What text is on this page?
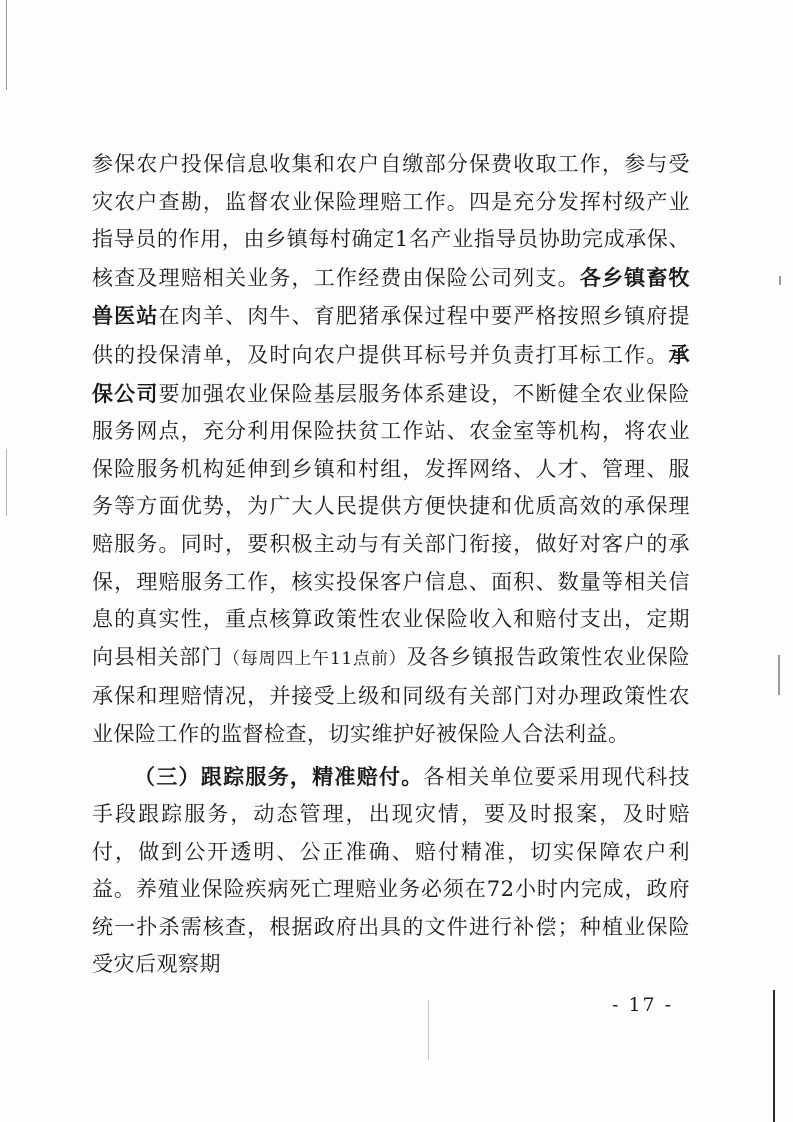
参保农户投保信息收集和农户自缴部分保费收取工作，参与受灾农户查勘，监督农业保险理赔工作。四是充分发挥村级产业指导员的作用，由乡镇每村确定1名产业指导员协助完成承保、核查及理赔相关业务，工作经费由保险公司列支。各乡镇畜牧兽医站在肉羊、肉牛、育肥猪承保过程中要严格按照乡镇府提供的投保清单，及时向农户提供耳标号并负责打耳标工作。承保公司要加强农业保险基层服务体系建设，不断健全农业保险服务网点，充分利用保险扶贫工作站、农金室等机构，将农业保险服务机构延伸到乡镇和村组，发挥网络、人才、管理、服务等方面优势，为广大人民提供方便快捷和优质高效的承保理赔服务。同时，要积极主动与有关部门衔接，做好对客户的承保，理赔服务工作，核实投保客户信息、面积、数量等相关信息的真实性，重点核算政策性农业保险收入和赔付支出，定期向县相关部门（每周四上午11点前）及各乡镇报告政策性农业保险承保和理赔情况，并接受上级和同级有关部门对办理政策性农业保险工作的监督检查，切实维护好被保险人合法利益。

（三）跟踪服务，精准赔付。各相关单位要采用现代科技手段跟踪服务，动态管理，出现灾情，要及时报案，及时赔付，做到公开透明、公正准确、赔付精准，切实保障农户利益。养殖业保险疾病死亡理赔业务必须在72小时内完成，政府统一扑杀需核查，根据政府出具的文件进行补偿；种植业保险受灾后观察期

- 17 -
